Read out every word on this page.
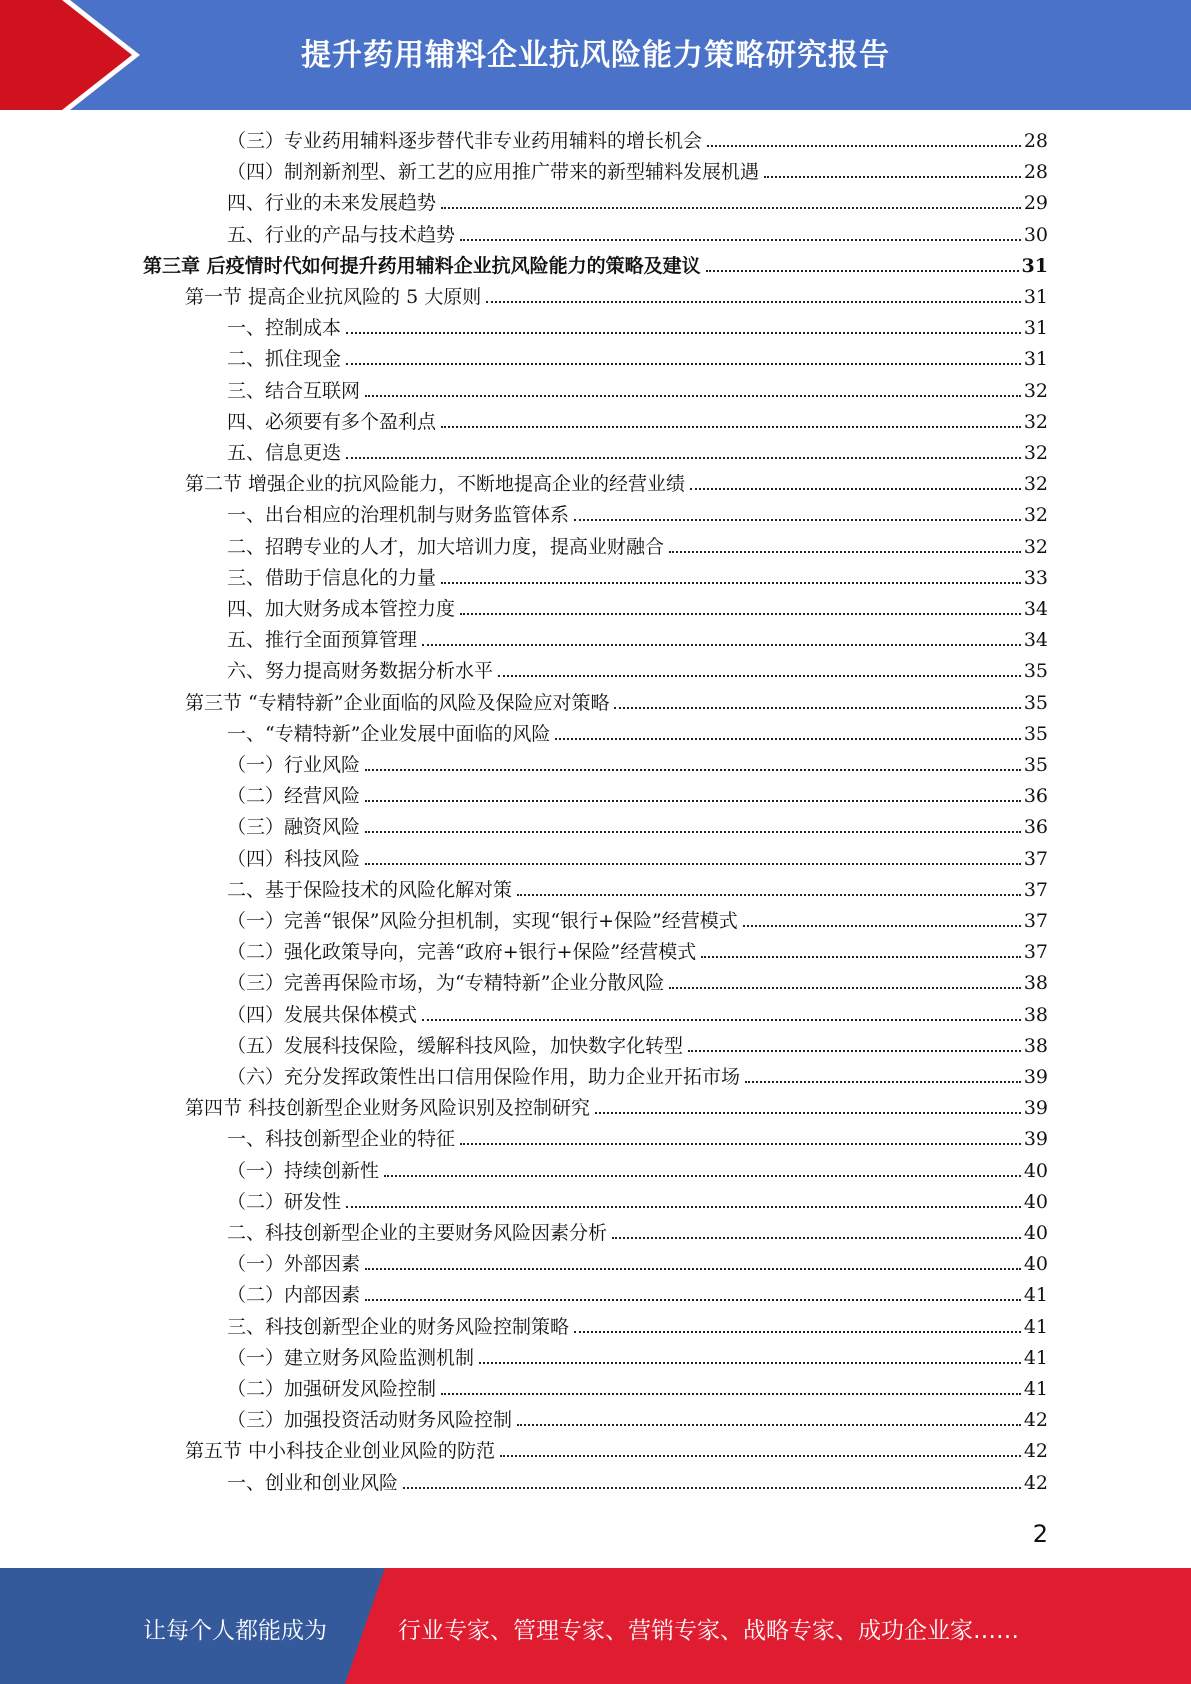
提升药用辅料企业抗风险能力策略研究报告
（三）专业药用辅料逐步替代非专业药用辅料的增长机会	28
（四）制剂新剂型、新工艺的应用推广带来的新型辅料发展机遇	28
四、行业的未来发展趋势	29
五、行业的产品与技术趋势	30
第三章 后疫情时代如何提升药用辅料企业抗风险能力的策略及建议	31
第一节 提高企业抗风险的 5 大原则	31
一、控制成本	31
二、抓住现金	31
三、结合互联网	32
四、必须要有多个盈利点	32
五、信息更迭	32
第二节 增强企业的抗风险能力，不断地提高企业的经营业绩	32
一、出台相应的治理机制与财务监管体系	32
二、招聘专业的人才，加大培训力度，提高业财融合	32
三、借助于信息化的力量	33
四、加大财务成本管控力度	34
五、推行全面预算管理	34
六、努力提高财务数据分析水平	35
第三节 “专精特新”企业面临的风险及保险应对策略	35
一、“专精特新”企业发展中面临的风险	35
（一）行业风险	35
（二）经营风险	36
（三）融资风险	36
（四）科技风险	37
二、基于保险技术的风险化解对策	37
（一）完善“银保”风险分担机制，实现“银行+保险”经营模式	37
（二）强化政策导向，完善“政府+银行+保险”经营模式	37
（三）完善再保险市场，为“专精特新”企业分散风险	38
（四）发展共保体模式	38
（五）发展科技保险，缓解科技风险，加快数字化转型	38
（六）充分发挥政策性出口信用保险作用，助力企业开拓市场	39
第四节 科技创新型企业财务风险识别及控制研究	39
一、科技创新型企业的特征	39
（一）持续创新性	40
（二）研发性	40
二、科技创新型企业的主要财务风险因素分析	40
（一）外部因素	40
（二）内部因素	41
三、科技创新型企业的财务风险控制策略	41
（一）建立财务风险监测机制	41
（二）加强研发风险控制	41
（三）加强投资活动财务风险控制	42
第五节 中小科技企业创业风险的防范	42
一、创业和创业风险	42
2
让每个人都能成为	行业专家、管理专家、营销专家、战略专家、成功企业家……
